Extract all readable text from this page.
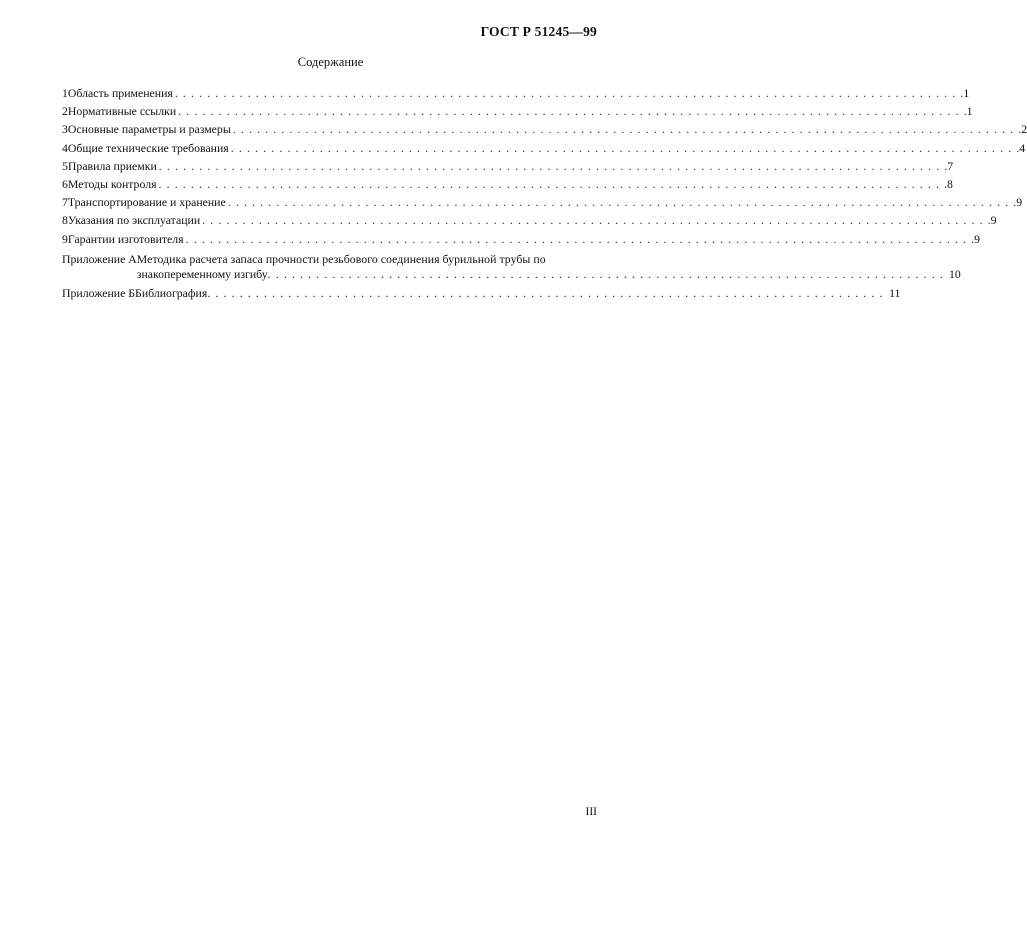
ГОСТ Р 51245—99
Содержание
1 Область применения . . .	1
2 Нормативные ссылки . . .	1
3 Основные параметры и размеры . . .	2
4 Общие технические требования . . .	4
5 Правила приемки . . .	7
6 Методы контроля . . .	8
7 Транспортирование и хранение . . .	9
8 Указания по эксплуатации . . .	9
9 Гарантии изготовителя . . .	9
Приложение А Методика расчета запаса прочности резьбового соединения бурильной трубы по
знакопеременному изгибу . . .	10
Приложение Б Библиография . . .	11
III
